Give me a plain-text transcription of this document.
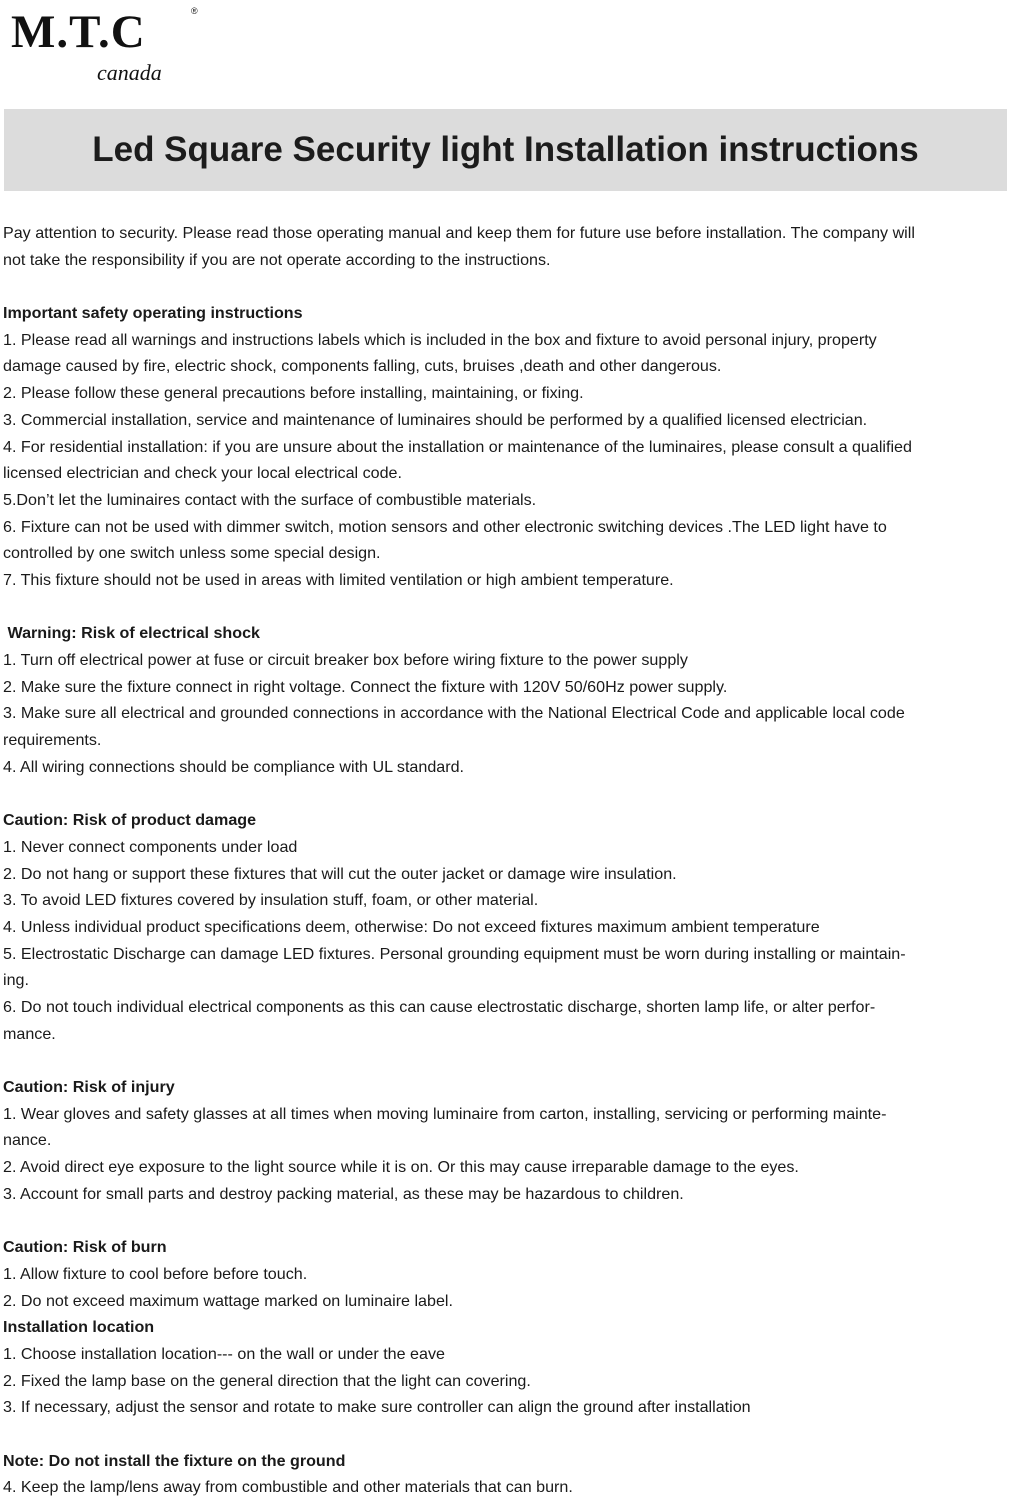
M.T.C	®
canada
Led Square Security light Installation instructions
Pay attention to security. Please read those operating manual and keep them for future use before installation. The company will
not take the responsibility if you are not operate according to the instructions.
Important safety operating instructions
1. Please read all warnings and instructions labels which is included in the box and fixture to avoid personal injury, property
damage caused by fire, electric shock, components falling, cuts, bruises ,death and other dangerous.
2. Please follow these general precautions before installing, maintaining, or fixing.
3. Commercial installation, service and maintenance of luminaires should be performed by a qualified licensed electrician.
4. For residential installation: if you are unsure about the installation or maintenance of the luminaires, please consult a qualified
licensed electrician and check your local electrical code.
5.Don’t let the luminaires contact with the surface of combustible materials.
6. Fixture can not be used with dimmer switch, motion sensors and other electronic switching devices .The LED light have to
controlled by one switch unless some special design.
7. This fixture should not be used in areas with limited ventilation or high ambient temperature.
Warning: Risk of electrical shock
1. Turn off electrical power at fuse or circuit breaker box before wiring fixture to the power supply
2. Make sure the fixture connect in right voltage. Connect the fixture with 120V 50/60Hz power supply.
3. Make sure all electrical and grounded connections in accordance with the National Electrical Code and applicable local code
requirements.
4. All wiring connections should be compliance with UL standard.
Caution: Risk of product damage
1. Never connect components under load
2. Do not hang or support these fixtures that will cut the outer jacket or damage wire insulation.
3. To avoid LED fixtures covered by insulation stuff, foam, or other material.
4. Unless individual product specifications deem, otherwise: Do not exceed fixtures maximum ambient temperature
5. Electrostatic Discharge can damage LED fixtures. Personal grounding equipment must be worn during installing or maintain-
ing.
6. Do not touch individual electrical components as this can cause electrostatic discharge, shorten lamp life, or alter perfor-
mance.
Caution: Risk of injury
1. Wear gloves and safety glasses at all times when moving luminaire from carton, installing, servicing or performing mainte-
nance.
2. Avoid direct eye exposure to the light source while it is on. Or this may cause irreparable damage to the eyes.
3. Account for small parts and destroy packing material, as these may be hazardous to children.
Caution: Risk of burn
1. Allow fixture to cool before before touch.
2. Do not exceed maximum wattage marked on luminaire label.
Installation location
1. Choose installation location--- on the wall or under the eave
2. Fixed the lamp base on the general direction that the light can covering.
3. If necessary, adjust the sensor and rotate to make sure controller can align the ground after installation
Note: Do not install the fixture on the ground
4. Keep the lamp/lens away from combustible and other materials that can burn.
